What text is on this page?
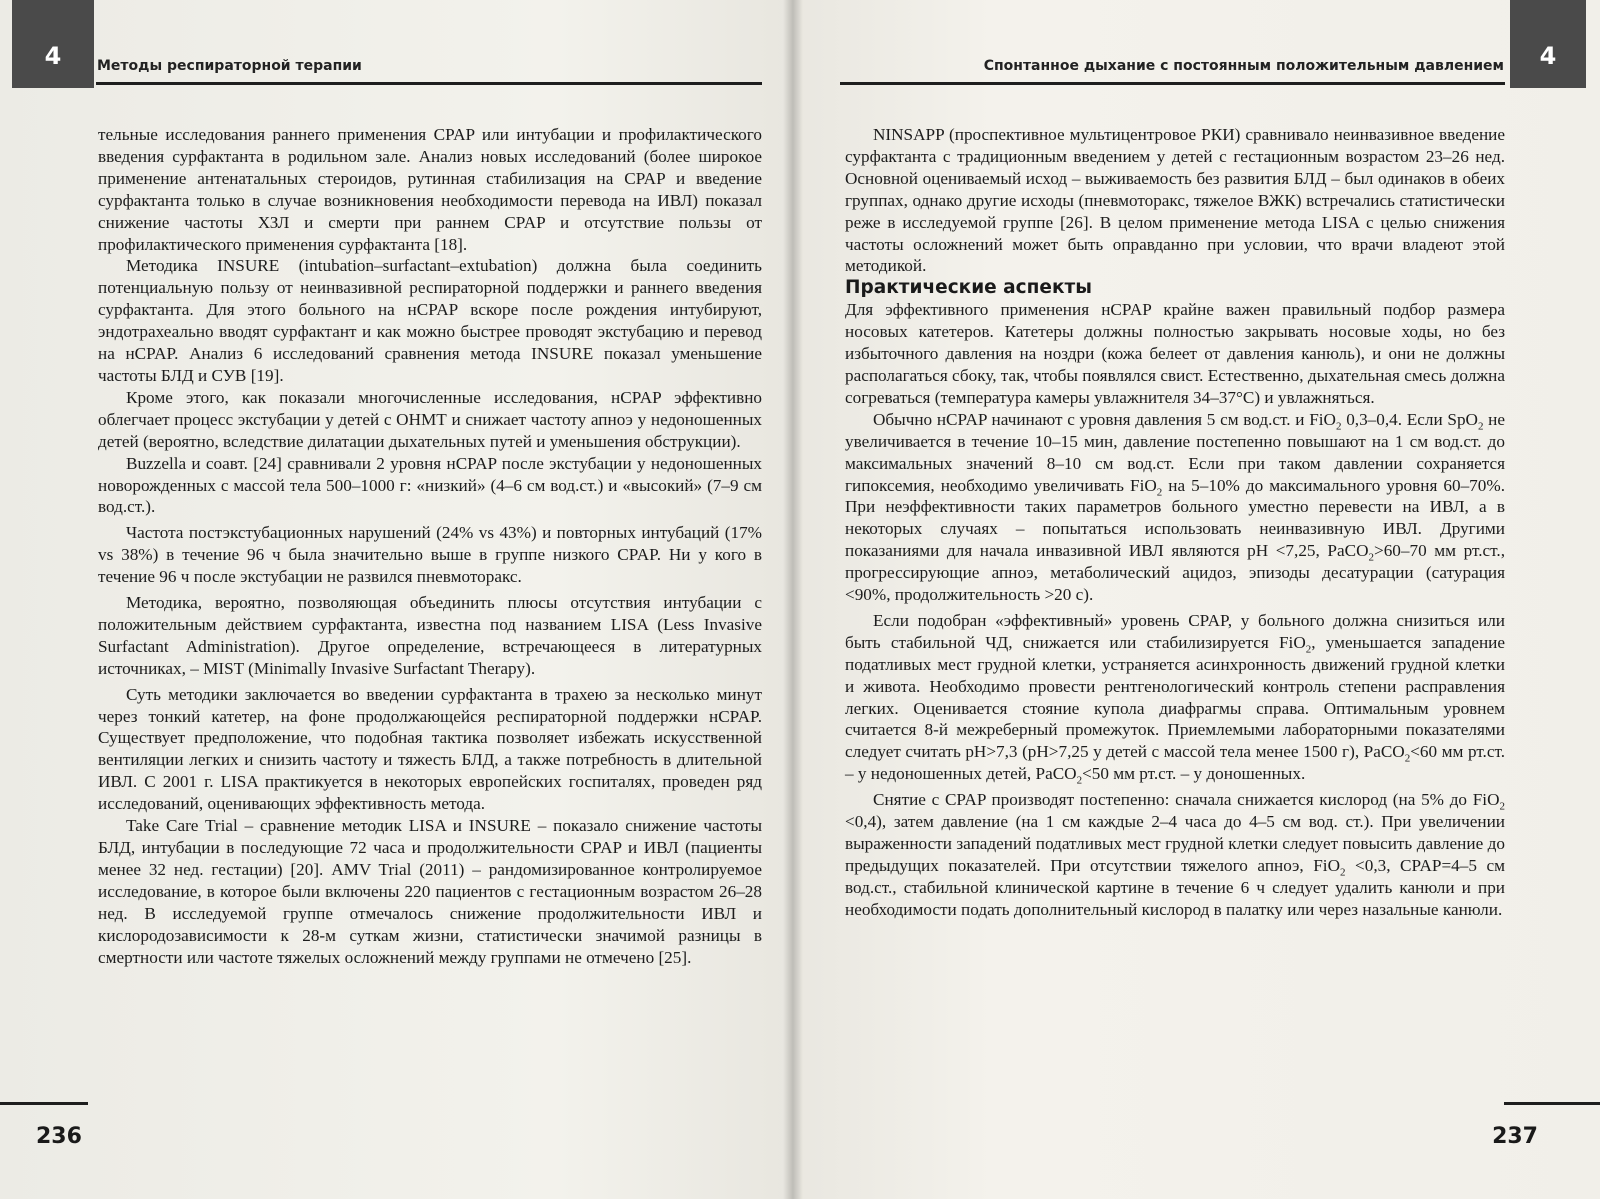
4	Методы респираторной терапии

тельные исследования раннего применения CPAP или интубации и профилактического введения сурфактанта в родильном зале. Анализ новых исследований (более широкое применение антенатальных стероидов, рутинная стабилизация на CPAP и введение сурфактанта только в случае возникновения необходимости перевода на ИВЛ) показал снижение частоты ХЗЛ и смерти при раннем CPAP и отсутствие пользы от профилактического применения сурфактанта [18].

Методика INSURE (intubation–surfactant–extubation) должна была соединить потенциальную пользу от неинвазивной респираторной поддержки и раннего введения сурфактанта. Для этого больного на нCPAP вскоре после рождения интубируют, эндотрахеально вводят сурфактант и как можно быстрее проводят экстубацию и перевод на нCPAP. Анализ 6 исследований сравнения метода INSURE показал уменьшение частоты БЛД и СУВ [19].

Кроме этого, как показали многочисленные исследования, нCPAP эффективно облегчает процесс экстубации у детей с ОНМТ и снижает частоту апноэ у недоношенных детей (вероятно, вследствие дилатации дыхательных путей и уменьшения обструкции).

Buzzella и соавт. [24] сравнивали 2 уровня нCPAP после экстубации у недоношенных новорожденных с массой тела 500–1000 г: «низкий» (4–6 см вод.ст.) и «высокий» (7–9 см вод.ст.).

Частота постэкстубационных нарушений (24% vs 43%) и повторных интубаций (17% vs 38%) в течение 96 ч была значительно выше в группе низкого CPAP. Ни у кого в течение 96 ч после экстубации не развился пневмоторакс.

Методика, вероятно, позволяющая объединить плюсы отсутствия интубации с положительным действием сурфактанта, известна под названием LISA (Less Invasive Surfactant Administration). Другое определение, встречающееся в литературных источниках, – MIST (Minimally Invasive Surfactant Therapy).

Суть методики заключается во введении сурфактанта в трахею за несколько минут через тонкий катетер, на фоне продолжающейся респираторной поддержки нCPAP. Существует предположение, что подобная тактика позволяет избежать искусственной вентиляции легких и снизить частоту и тяжесть БЛД, а также потребность в длительной ИВЛ. С 2001 г. LISA практикуется в некоторых европейских госпиталях, проведен ряд исследований, оценивающих эффективность метода.

Take Care Trial – сравнение методик LISA и INSURE – показало снижение частоты БЛД, интубации в последующие 72 часа и продолжительности CPAP и ИВЛ (пациенты менее 32 нед. гестации) [20]. AMV Trial (2011) – рандомизированное контролируемое исследование, в которое были включены 220 пациентов с гестационным возрастом 26–28 нед. В исследуемой группе отмечалось снижение продолжительности ИВЛ и кислородозависимости к 28-м суткам жизни, статистически значимой разницы в смертности или частоте тяжелых осложнений между группами не отмечено [25].

236
4
Спонтанное дыхание с постоянным положительным давлением

NINSAPP (проспективное мультицентровое РКИ) сравнивало неинвазивное введение сурфактанта с традиционным введением у детей с гестационным возрастом 23–26 нед. Основной оцениваемый исход – выживаемость без развития БЛД – был одинаков в обеих группах, однако другие исходы (пневмоторакс, тяжелое ВЖК) встречались статистически реже в исследуемой группе [26]. В целом применение метода LISA с целью снижения частоты осложнений может быть оправданно при условии, что врачи владеют этой методикой.

Практические аспекты

Для эффективного применения нCPAP крайне важен правильный подбор размера носовых катетеров. Катетеры должны полностью закрывать носовые ходы, но без избыточного давления на ноздри (кожа белеет от давления канюль), и они не должны располагаться сбоку, так, чтобы появлялся свист. Естественно, дыхательная смесь должна согреваться (температура камеры увлажнителя 34–37°C) и увлажняться.

Обычно нCPAP начинают с уровня давления 5 см вод.ст. и FiO$_2$ 0,3–0,4. Если SpO$_2$ не увеличивается в течение 10–15 мин, давление постепенно повышают на 1 см вод.ст. до максимальных значений 8–10 см вод.ст. Если при таком давлении сохраняется гипоксемия, необходимо увеличивать FiO$_2$ на 5–10% до максимального уровня 60–70%. При неэффективности таких параметров больного уместно перевести на ИВЛ, а в некоторых случаях – попытаться использовать неинвазивную ИВЛ. Другими показаниями для начала инвазивной ИВЛ являются pH <7,25, PaCO$_2$>60–70 мм рт.ст., прогрессирующие апноэ, метаболический ацидоз, эпизоды десатурации (сатурация <90%, продолжительность >20 с).

Если подобран «эффективный» уровень CPAP, у больного должна снизиться или быть стабильной ЧД, снижается или стабилизируется FiO$_2$, уменьшается западение податливых мест грудной клетки, устраняется асинхронность движений грудной клетки и живота. Необходимо провести рентгенологический контроль степени расправления легких. Оценивается стояние купола диафрагмы справа. Оптимальным уровнем считается 8-й межреберный промежуток. Приемлемыми лабораторными показателями следует считать pH>7,3 (pH>7,25 у детей с массой тела менее 1500 г), PaCO$_2$<60 мм рт.ст. – у недоношенных детей, PaCO$_2$<50 мм рт.ст. – у доношенных.

Снятие с CPAP производят постепенно: сначала снижается кислород (на 5% до FiO$_2$ <0,4), затем давление (на 1 см каждые 2–4 часа до 4–5 см вод. ст.). При увеличении выраженности западений податливых мест грудной клетки следует повысить давление до предыдущих показателей. При отсутствии тяжелого апноэ, FiO$_2$ <0,3, CPAP=4–5 см вод.ст., стабильной клинической картине в течение 6 ч следует удалить канюли и при необходимости подать дополнительный кислород в палатку или через назальные канюли.

237
